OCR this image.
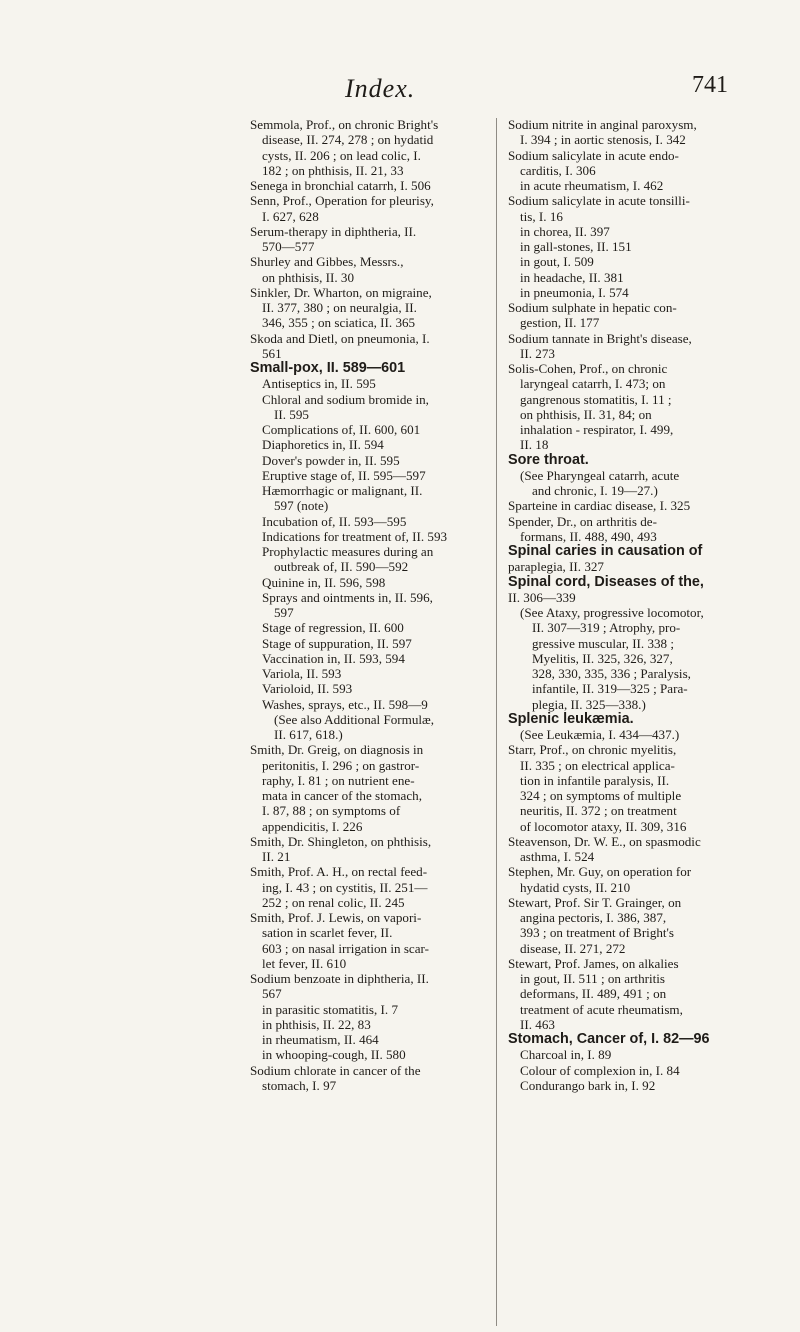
Index.	741
Semmola, Prof., on chronic Bright's
disease, II. 274, 278 ; on hydatid
cysts, II. 206 ; on lead colic, I.
182 ; on phthisis, II. 21, 33
Senega in bronchial catarrh, I. 506
Senn, Prof., Operation for pleurisy,
I. 627, 628
Serum-therapy in diphtheria, II.
570—577
Shurley and Gibbes, Messrs.,
on phthisis, II. 30
Sinkler, Dr. Wharton, on migraine,
II. 377, 380 ; on neuralgia, II.
346, 355 ; on sciatica, II. 365
Skoda and Dietl, on pneumonia, I.
561
Small-pox, II. 589—601
Antiseptics in, II. 595
Chloral and sodium bromide in,
II. 595
Complications of, II. 600, 601
Diaphoretics in, II. 594
Dover's powder in, II. 595
Eruptive stage of, II. 595—597
Hæmorrhagic or malignant, II.
597 (note)
Incubation of, II. 593—595
Indications for treatment of, II. 593
Prophylactic measures during an
outbreak of, II. 590—592
Quinine in, II. 596, 598
Sprays and ointments in, II. 596,
597
Stage of regression, II. 600
Stage of suppuration, II. 597
Vaccination in, II. 593, 594
Variola, II. 593
Varioloid, II. 593
Washes, sprays, etc., II. 598—9
(See also Additional Formulæ,
II. 617, 618.)
Smith, Dr. Greig, on diagnosis in
peritonitis, I. 296 ; on gastror-
raphy, I. 81 ; on nutrient ene-
mata in cancer of the stomach,
I. 87, 88 ; on symptoms of
appendicitis, I. 226
Smith, Dr. Shingleton, on phthisis,
II. 21
Smith, Prof. A. H., on rectal feed-
ing, I. 43 ; on cystitis, II. 251—
252 ; on renal colic, II. 245
Smith, Prof. J. Lewis, on vapori-
sation in scarlet fever, II.
603 ; on nasal irrigation in scar-
let fever, II. 610
Sodium benzoate in diphtheria, II.
567
in parasitic stomatitis, I. 7
in phthisis, II. 22, 83
in rheumatism, II. 464
in whooping-cough, II. 580
Sodium chlorate in cancer of the
stomach, I. 97
Sodium nitrite in anginal paroxysm,
I. 394 ; in aortic stenosis, I. 342
Sodium salicylate in acute endo-
carditis, I. 306
in acute rheumatism, I. 462
Sodium salicylate in acute tonsilli-
tis, I. 16
in chorea, II. 397
in gall-stones, II. 151
in gout, I. 509
in headache, II. 381
in pneumonia, I. 574
Sodium sulphate in hepatic con-
gestion, II. 177
Sodium tannate in Bright's disease,
II. 273
Solis-Cohen, Prof., on chronic
laryngeal catarrh, I. 473; on
gangrenous stomatitis, I. 11 ;
on phthisis, II. 31, 84; on
inhalation - respirator, I. 499,
II. 18
Sore throat.
(See Pharyngeal catarrh, acute
and chronic, I. 19—27.)
Sparteine in cardiac disease, I. 325
Spender, Dr., on arthritis de-
formans, II. 488, 490, 493
Spinal caries in causation of
paraplegia, II. 327
Spinal cord, Diseases of the,
II. 306—339
(See Ataxy, progressive locomotor,
II. 307—319 ; Atrophy, pro-
gressive muscular, II. 338 ;
Myelitis, II. 325, 326, 327,
328, 330, 335, 336 ; Paralysis,
infantile, II. 319—325 ; Para-
plegia, II. 325—338.)
Splenic leukæmia.
(See Leukæmia, I. 434—437.)
Starr, Prof., on chronic myelitis,
II. 335 ; on electrical applica-
tion in infantile paralysis, II.
324 ; on symptoms of multiple
neuritis, II. 372 ; on treatment
of locomotor ataxy, II. 309, 316
Steavenson, Dr. W. E., on spasmodic
asthma, I. 524
Stephen, Mr. Guy, on operation for
hydatid cysts, II. 210
Stewart, Prof. Sir T. Grainger, on
angina pectoris, I. 386, 387,
393 ; on treatment of Bright's
disease, II. 271, 272
Stewart, Prof. James, on alkalies
in gout, II. 511 ; on arthritis
deformans, II. 489, 491 ; on
treatment of acute rheumatism,
II. 463
Stomach, Cancer of, I. 82—96
Charcoal in, I. 89
Colour of complexion in, I. 84
Condurango bark in, I. 92
